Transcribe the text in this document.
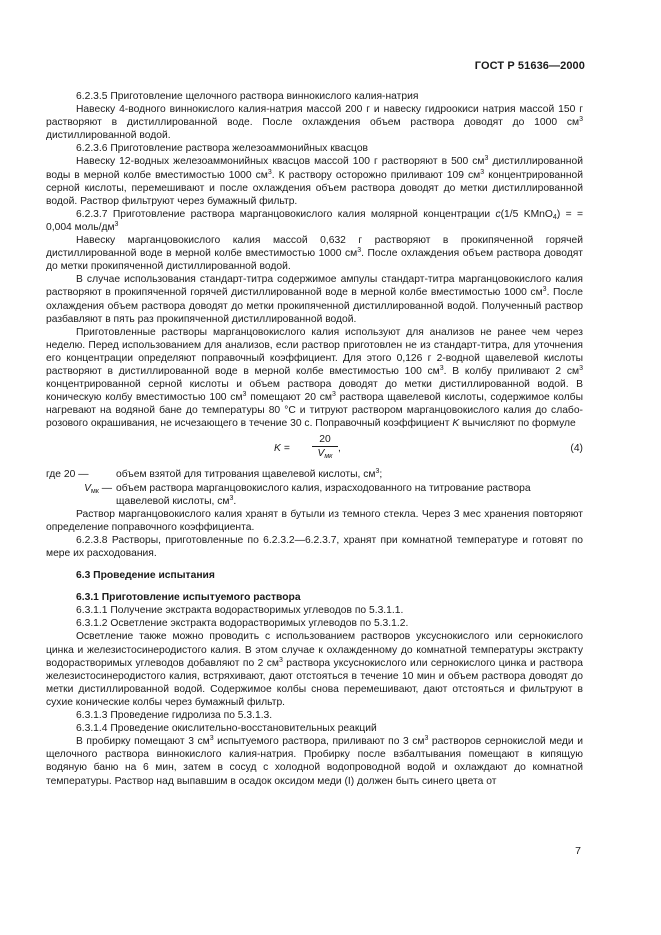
ГОСТ Р 51636—2000

6.2.3.5 Приготовление щелочного раствора виннокислого калия-натрия

Навеску 4-водного виннокислого калия-натрия массой 200 г и навеску гидроокиси натрия массой 150 г растворяют в дистиллированной воде. После охлаждения объем раствора доводят до 1000 $см^3$ дистиллированной водой.

6.2.3.6 Приготовление раствора железоаммонийных квасцов

Навеску 12-водных железоаммонийных квасцов массой 100 г растворяют в 500 $см^3$ дистиллированной воды в мерной колбе вместимостью 1000 $см^3$. К раствору осторожно приливают 109 $см^3$ концентрированной серной кислоты, перемешивают и после охлаждения объем раствора доводят до метки дистиллированной водой. Раствор фильтруют через бумажный фильтр.

6.2.3.7 Приготовление раствора марганцовокислого калия молярной концентрации c(1/5 KMnO$_4$) = = 0,004 моль/$дм^3$

Навеску марганцовокислого калия массой 0,632 г растворяют в прокипяченной горячей дистиллированной воде в мерной колбе вместимостью 1000 $см^3$. После охлаждения объем раствора доводят до метки прокипяченной дистиллированной водой.

В случае использования стандарт-титра содержимое ампулы стандарт-титра марганцовокислого калия растворяют в прокипяченной горячей дистиллированной воде в мерной колбе вместимостью 1000 $см^3$. После охлаждения объем раствора доводят до метки прокипяченной дистиллированной водой. Полученный раствор разбавляют в пять раз прокипяченной дистиллированной водой.

Приготовленные растворы марганцовокислого калия используют для анализов не ранее чем через неделю. Перед использованием для анализов, если раствор приготовлен не из стандарт-титра, для уточнения его концентрации определяют поправочный коэффициент. Для этого 0,126 г 2-водной щавелевой кислоты растворяют в дистиллированной воде в мерной колбе вместимостью 100 $см^3$. В колбу приливают 2 $см^3$ концентрированной серной кислоты и объем раствора доводят до метки дистиллированной водой. В коническую колбу вместимостью 100 $см^3$ помещают 20 $см^3$ раствора щавелевой кислоты, содержимое колбы нагревают на водяной бане до температуры 80 °С и титруют раствором марганцовокислого калия до слабо-розового окрашивания, не исчезающего в течение 30 с. Поправочный коэффициент K вычисляют по формуле

K =
20
$V_{мк}$
,	(4)
где 20 —	объем взятой для титрования щавелевой кислоты, $см^3$;
$V_{мк}$ — объем раствора марганцовокислого калия, израсходованного на титрование раствора щавелевой кислоты, $см^3$.

Раствор марганцовокислого калия хранят в бутыли из темного стекла. Через 3 мес хранения повторяют определение поправочного коэффициента.

6.2.3.8 Растворы, приготовленные по 6.2.3.2—6.2.3.7, хранят при комнатной температуре и готовят по мере их расходования.

6.3 Проведение испытания

6.3.1 Приготовление испытуемого раствора

6.3.1.1 Получение экстракта водорастворимых углеводов по 5.3.1.1.

6.3.1.2 Осветление экстракта водорастворимых углеводов по 5.3.1.2.

Осветление также можно проводить с использованием растворов уксуснокислого или сернокислого цинка и железистосинеродистого калия. В этом случае к охлажденному до комнатной температуры экстракту водорастворимых углеводов добавляют по 2 $см^3$ раствора уксуснокислого или сернокислого цинка и раствора железистосинеродистого калия, встряхивают, дают отстояться в течение 10 мин и объем раствора доводят до метки дистиллированной водой. Содержимое колбы снова перемешивают, дают отстояться и фильтруют в сухие конические колбы через бумажный фильтр.

6.3.1.3 Проведение гидролиза по 5.3.1.3.

6.3.1.4 Проведение окислительно-восстановительных реакций

В пробирку помещают 3 $см^3$ испытуемого раствора, приливают по 3 $см^3$ растворов сернокислой меди и щелочного раствора виннокислого калия-натрия. Пробирку после взбалтывания помещают в кипящую водяную баню на 6 мин, затем в сосуд с холодной водопроводной водой и охлаждают до комнатной температуры. Раствор над выпавшим в осадок оксидом меди (I) должен быть синего цвета от

7
